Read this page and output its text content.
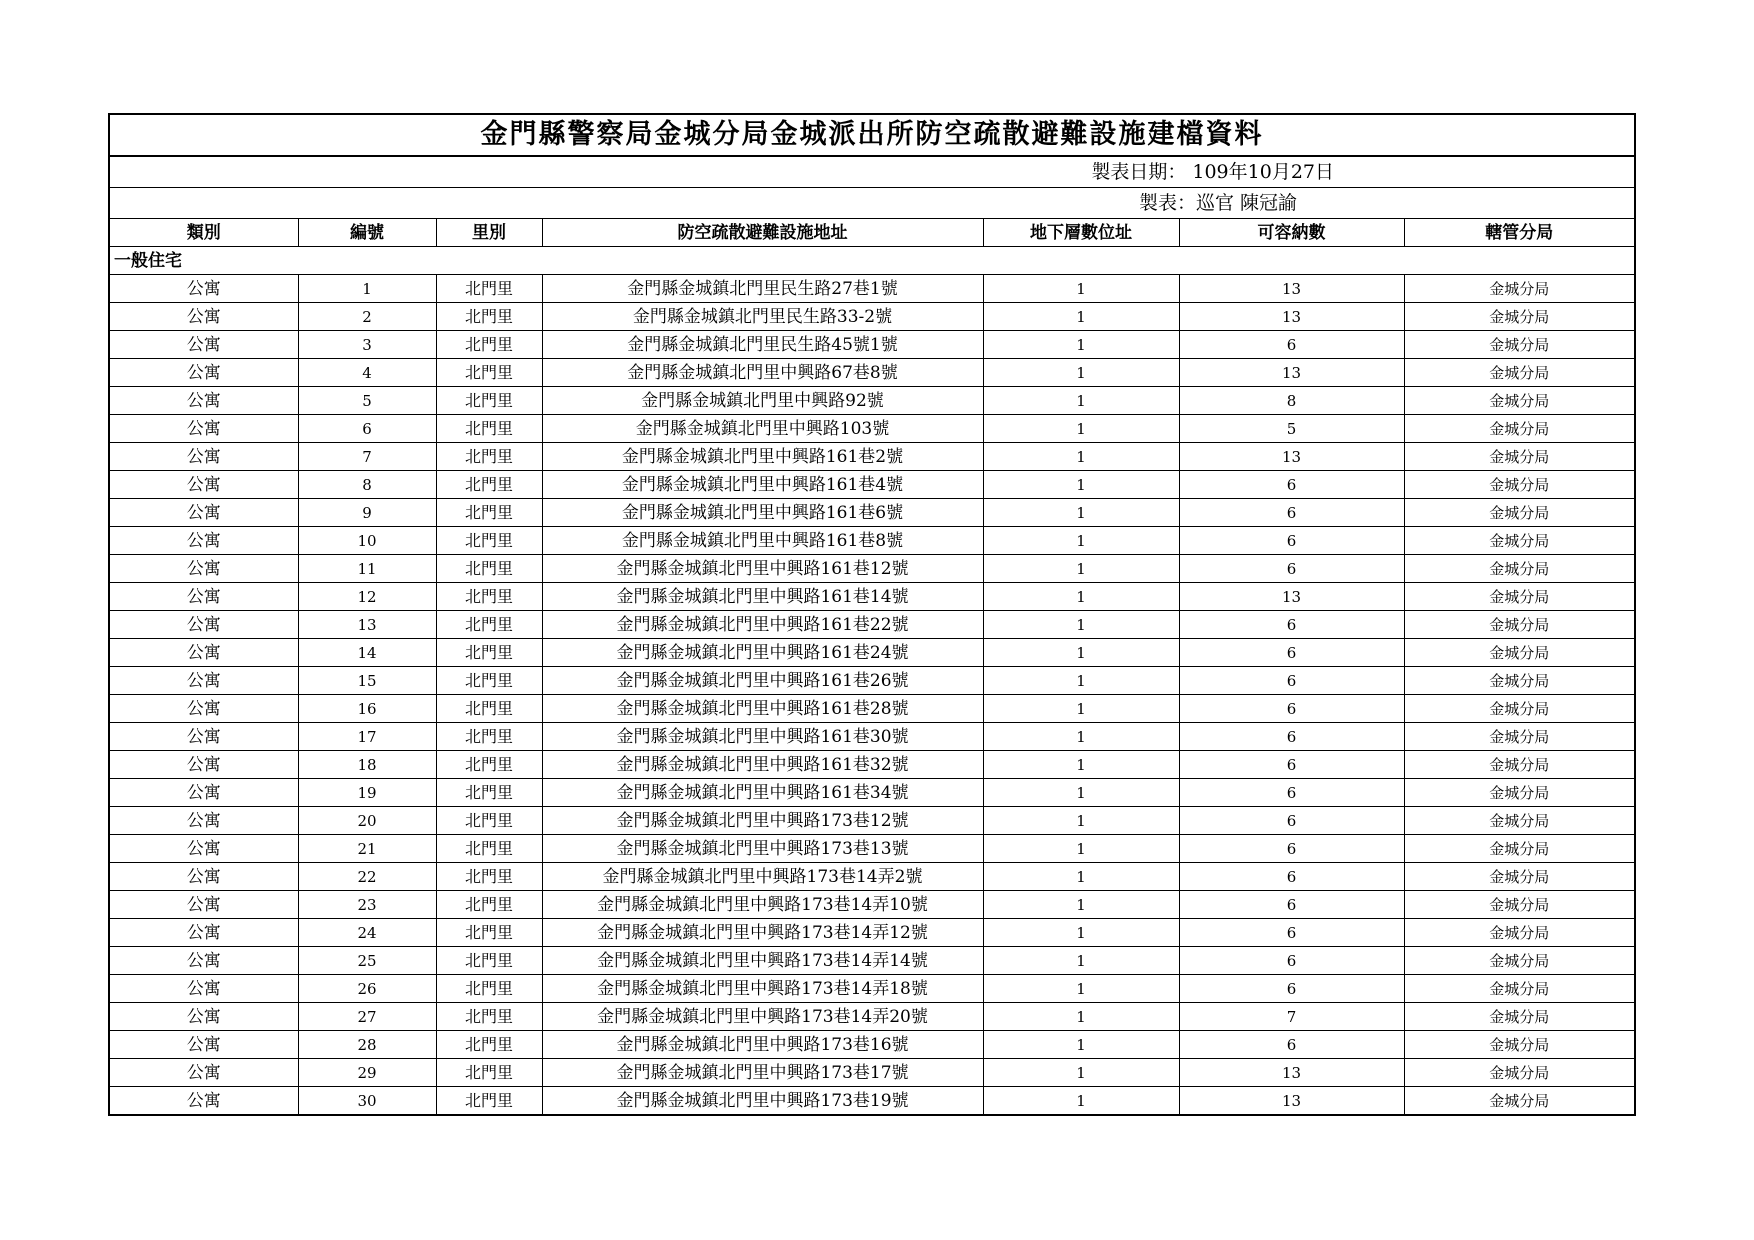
金門縣警察局金城分局金城派出所防空疏散避難設施建檔資料						
製表日期： 109年10月27日						
製表：巡官 陳冠諭						
類別	編號	里別	防空疏散避難設施地址	地下層數位址	可容納數	轄管分局
一般住宅						
公寓	1	北門里	金門縣金城鎮北門里民生路27巷1號	1	13	金城分局
公寓	2	北門里	金門縣金城鎮北門里民生路33-2號	1	13	金城分局
公寓	3	北門里	金門縣金城鎮北門里民生路45號1號	1	6	金城分局
公寓	4	北門里	金門縣金城鎮北門里中興路67巷8號	1	13	金城分局
公寓	5	北門里	金門縣金城鎮北門里中興路92號	1	8	金城分局
公寓	6	北門里	金門縣金城鎮北門里中興路103號	1	5	金城分局
公寓	7	北門里	金門縣金城鎮北門里中興路161巷2號	1	13	金城分局
公寓	8	北門里	金門縣金城鎮北門里中興路161巷4號	1	6	金城分局
公寓	9	北門里	金門縣金城鎮北門里中興路161巷6號	1	6	金城分局
公寓	10	北門里	金門縣金城鎮北門里中興路161巷8號	1	6	金城分局
公寓	11	北門里	金門縣金城鎮北門里中興路161巷12號	1	6	金城分局
公寓	12	北門里	金門縣金城鎮北門里中興路161巷14號	1	13	金城分局
公寓	13	北門里	金門縣金城鎮北門里中興路161巷22號	1	6	金城分局
公寓	14	北門里	金門縣金城鎮北門里中興路161巷24號	1	6	金城分局
公寓	15	北門里	金門縣金城鎮北門里中興路161巷26號	1	6	金城分局
公寓	16	北門里	金門縣金城鎮北門里中興路161巷28號	1	6	金城分局
公寓	17	北門里	金門縣金城鎮北門里中興路161巷30號	1	6	金城分局
公寓	18	北門里	金門縣金城鎮北門里中興路161巷32號	1	6	金城分局
公寓	19	北門里	金門縣金城鎮北門里中興路161巷34號	1	6	金城分局
公寓	20	北門里	金門縣金城鎮北門里中興路173巷12號	1	6	金城分局
公寓	21	北門里	金門縣金城鎮北門里中興路173巷13號	1	6	金城分局
公寓	22	北門里	金門縣金城鎮北門里中興路173巷14弄2號	1	6	金城分局
公寓	23	北門里	金門縣金城鎮北門里中興路173巷14弄10號	1	6	金城分局
公寓	24	北門里	金門縣金城鎮北門里中興路173巷14弄12號	1	6	金城分局
公寓	25	北門里	金門縣金城鎮北門里中興路173巷14弄14號	1	6	金城分局
公寓	26	北門里	金門縣金城鎮北門里中興路173巷14弄18號	1	6	金城分局
公寓	27	北門里	金門縣金城鎮北門里中興路173巷14弄20號	1	7	金城分局
公寓	28	北門里	金門縣金城鎮北門里中興路173巷16號	1	6	金城分局
公寓	29	北門里	金門縣金城鎮北門里中興路173巷17號	1	13	金城分局
公寓	30	北門里	金門縣金城鎮北門里中興路173巷19號	1	13	金城分局
